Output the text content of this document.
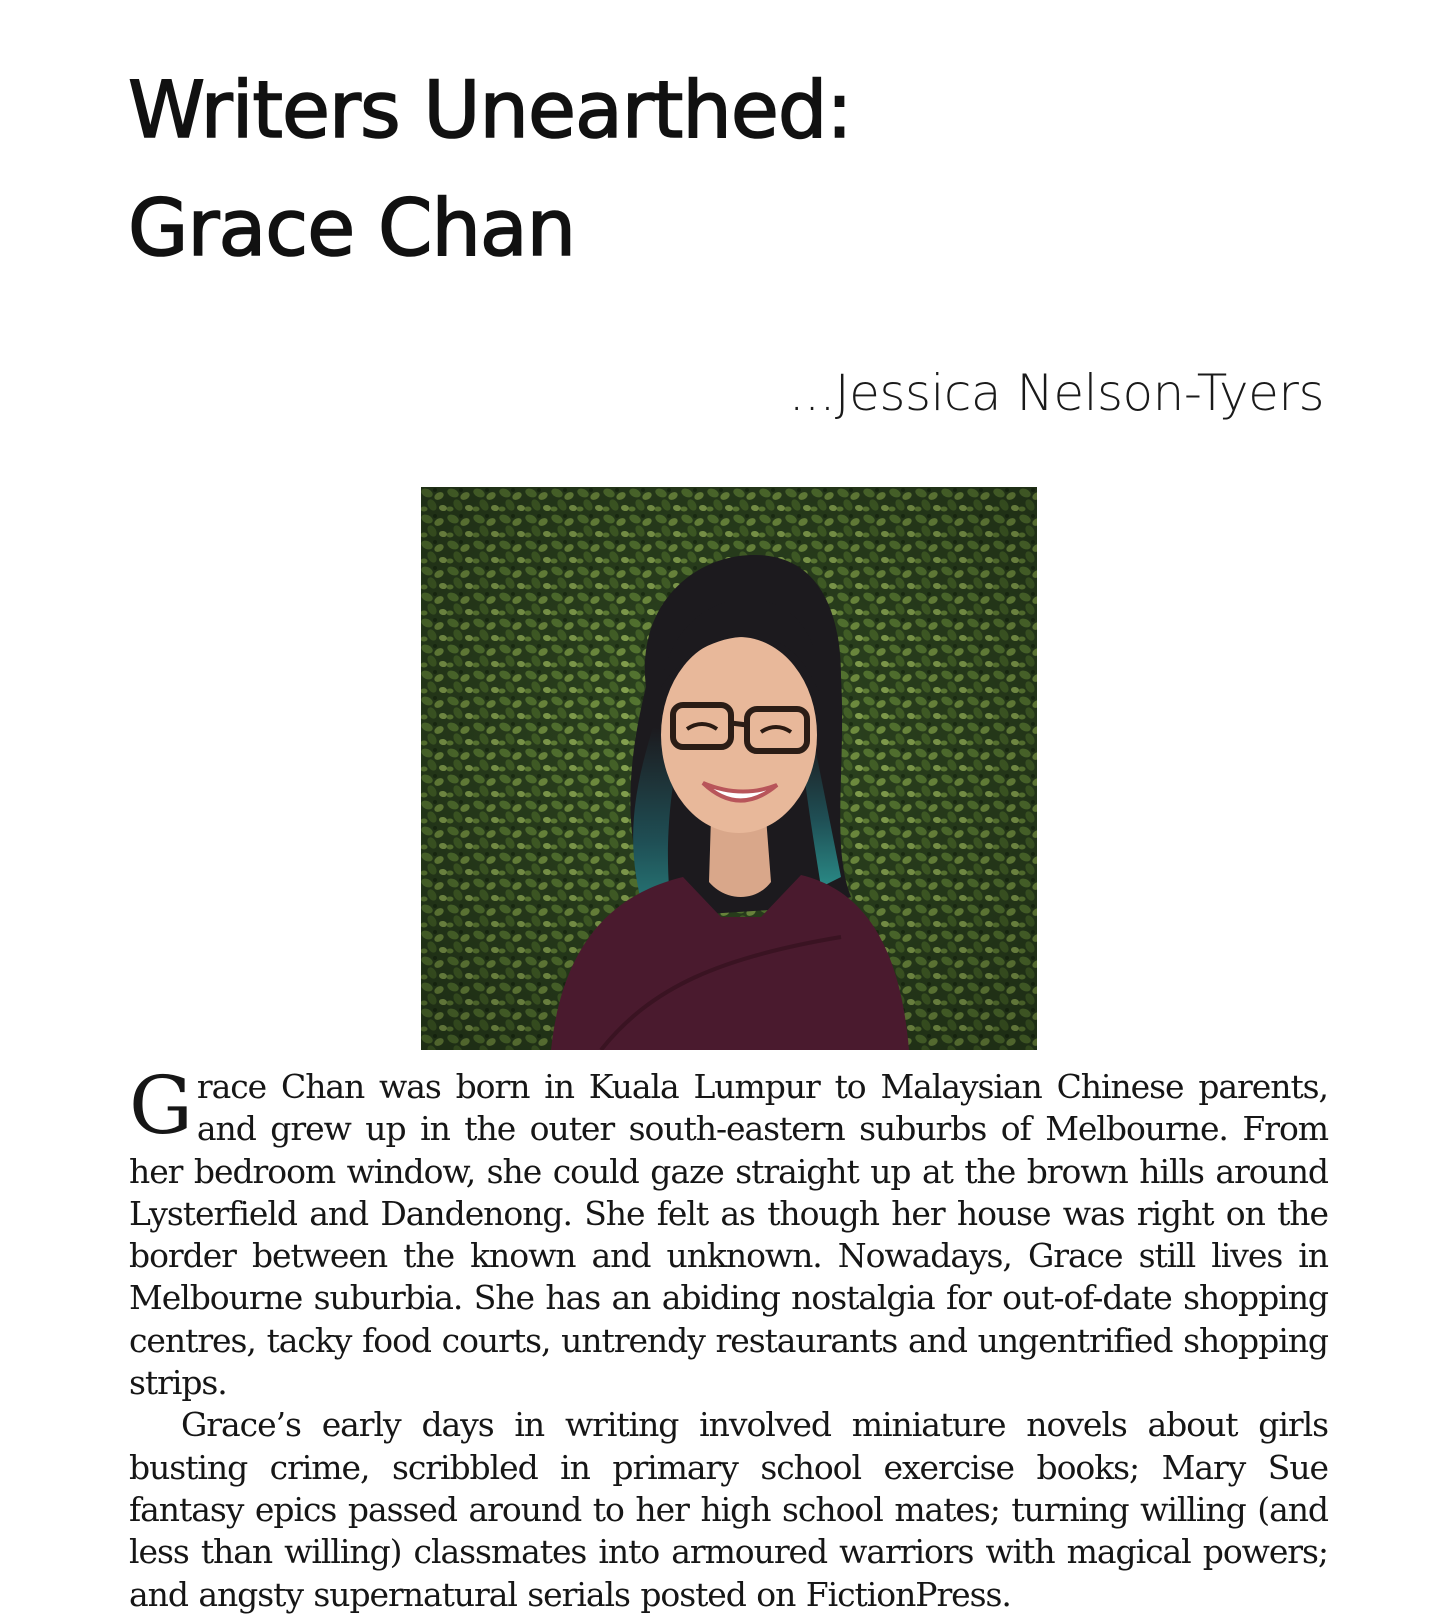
Writers Unearthed:
Grace Chan
...Jessica Nelson-Tyers

Grace Chan was born in Kuala Lumpur to Malaysian Chinese parents, and grew up in the outer south-eastern suburbs of Melbourne. From her bedroom window, she could gaze straight up at the brown hills around Lysterfield and Dandenong. She felt as though her house was right on the border between the known and unknown. Nowadays, Grace still lives in Melbourne suburbia. She has an abiding nostalgia for out-of-date shopping centres, tacky food courts, untrendy restaurants and ungentrified shopping strips.

Grace’s early days in writing involved miniature novels about girls busting crime, scribbled in primary school exercise books; Mary Sue fantasy epics passed around to her high school mates; turning willing (and less than willing) classmates into armoured warriors with magical powers; and angsty supernatural serials posted on FictionPress.
